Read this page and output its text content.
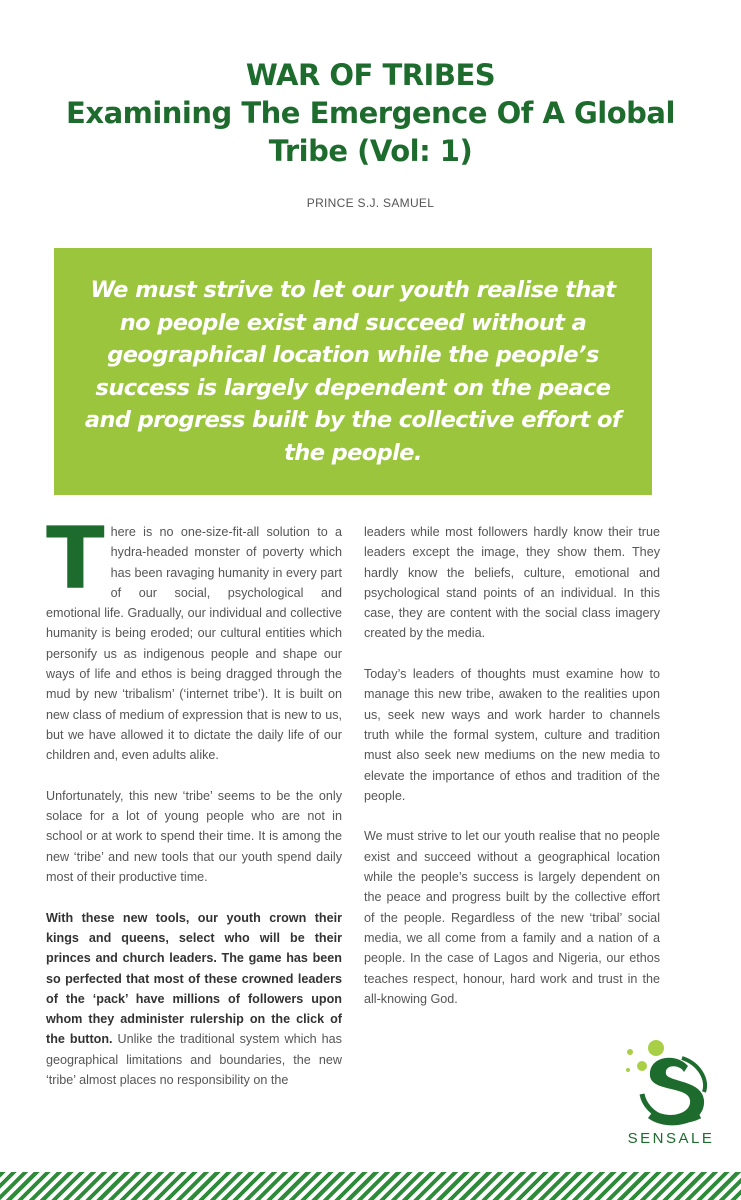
WAR OF TRIBES
Examining The Emergence Of A Global
Tribe (Vol: 1)
PRINCE S.J. SAMUEL
We must strive to let our youth realise that no people exist and succeed without a geographical location while the people’s success is largely dependent on the peace and progress built by the collective effort of the people.

There is no one-size-fit-all solution to a hydra-headed monster of poverty which has been ravaging humanity in every part of our social, psychological and emotional life. Gradually, our individual and collective humanity is being eroded; our cultural entities which personify us as indigenous people and shape our ways of life and ethos is being dragged through the mud by new ‘tribalism’ (‘internet tribe’). It is built on new class of medium of expression that is new to us, but we have allowed it to dictate the daily life of our children and, even adults alike.

Unfortunately, this new ‘tribe’ seems to be the only solace for a lot of young people who are not in school or at work to spend their time. It is among the new ‘tribe’ and new tools that our youth spend daily most of their productive time.

With these new tools, our youth crown their kings and queens, select who will be their princes and church leaders. The game has been so perfected that most of these crowned leaders of the ‘pack’ have millions of followers upon whom they administer rulership on the click of the button. Unlike the traditional system which has geographical limitations and boundaries, the new ‘tribe’ almost places no responsibility on the

leaders while most followers hardly know their true leaders except the image, they show them. They hardly know the beliefs, culture, emotional and psychological stand points of an individual. In this case, they are content with the social class imagery created by the media.

Today’s leaders of thoughts must examine how to manage this new tribe, awaken to the realities upon us, seek new ways and work harder to channels truth while the formal system, culture and tradition must also seek new mediums on the new media to elevate the importance of ethos and tradition of the people.

We must strive to let our youth realise that no people exist and succeed without a geographical location while the people’s success is largely dependent on the peace and progress built by the collective effort of the people. Regardless of the new ‘tribal’ social media, we all come from a family and a nation of a people. In the case of Lagos and Nigeria, our ethos teaches respect, honour, hard work and trust in the all-knowing God.

SENSALE
